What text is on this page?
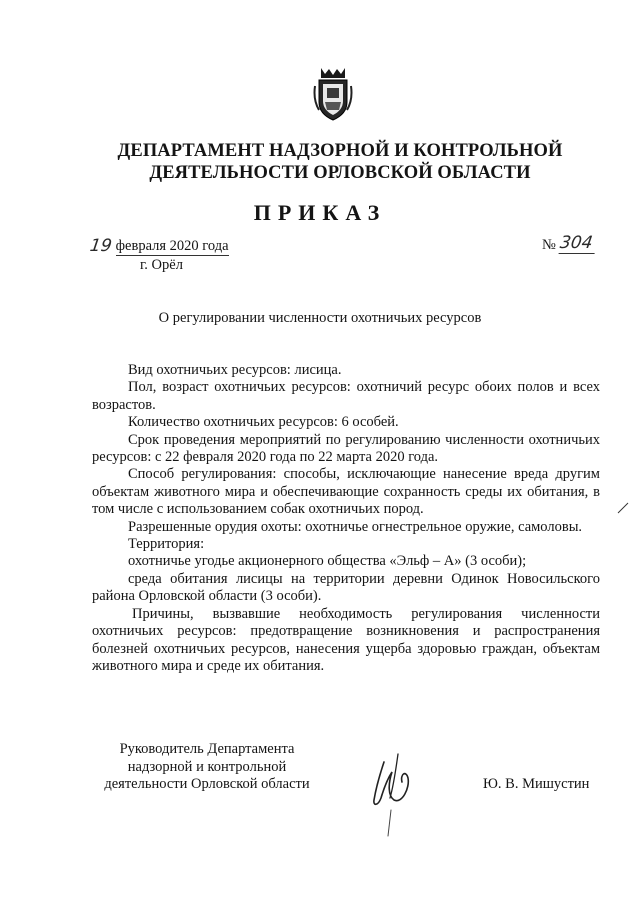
ДЕПАРТАМЕНТ НАДЗОРНОЙ И КОНТРОЛЬНОЙ
ДЕЯТЕЛЬНОСТИ ОРЛОВСКОЙ ОБЛАСТИ
ПРИКАЗ
19 февраля 2020 года
г. Орёл
№ 304
О регулировании численности охотничьих ресурсов

Вид охотничьих ресурсов: лисица.

Пол, возраст охотничьих ресурсов: охотничий ресурс обоих полов и всех возрастов.

Количество охотничьих ресурсов: 6 особей.

Срок проведения мероприятий по регулированию численности охотничьих ресурсов: с 22 февраля 2020 года по 22 марта 2020 года.

Способ регулирования: способы, исключающие нанесение вреда другим объектам животного мира и обеспечивающие сохранность среды их обитания, в том числе с использованием собак охотничьих пород.

Разрешенные орудия охоты: охотничье огнестрельное оружие, самоловы.

Территория:

охотничье угодье акционерного общества «Эльф – А» (3 особи);

среда обитания лисицы на территории деревни Одинок Новосильского района Орловской области (3 особи).

Причины, вызвавшие необходимость регулирования численности охотничьих ресурсов: предотвращение возникновения и распространения болезней охотничьих ресурсов, нанесения ущерба здоровью граждан, объектам животного мира и среде их обитания.

Руководитель Департамента
надзорной и контрольной
деятельности Орловской области	Ю. В. Мишустин
